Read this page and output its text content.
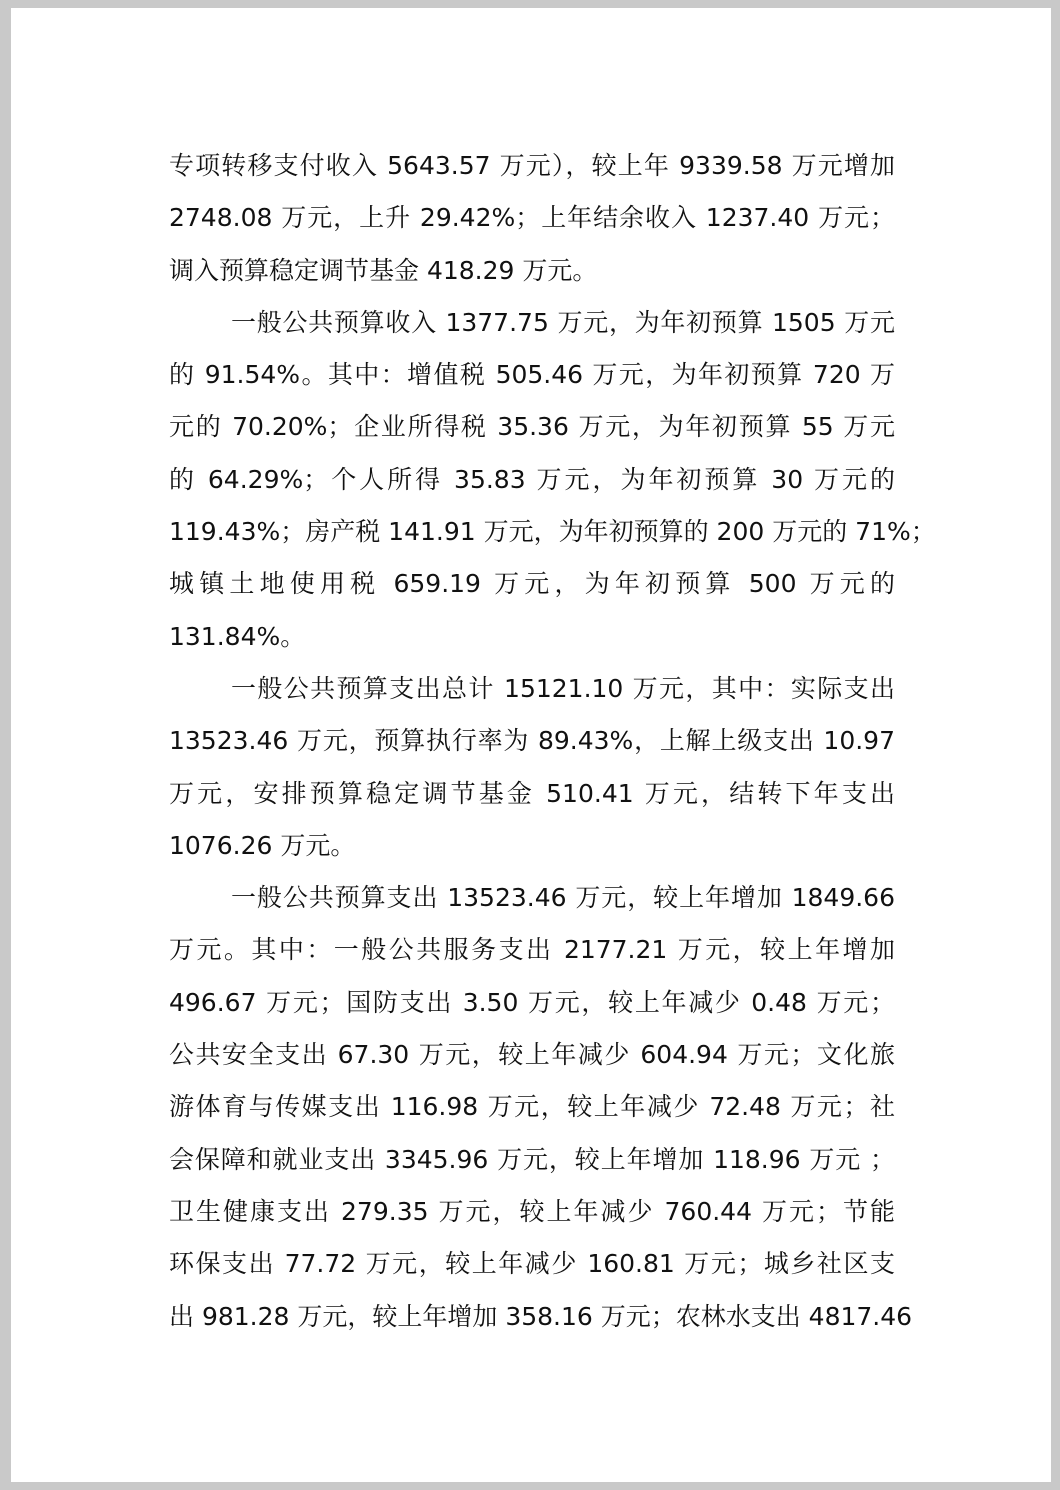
专项转移支付收入 5643.57 万元），较上年 9339.58 万元增加
2748.08 万元，上升 29.42%；上年结余收入 1237.40 万元；
调入预算稳定调节基金 418.29 万元。
一般公共预算收入 1377.75 万元，为年初预算 1505 万元
的 91.54%。其中：增值税 505.46 万元，为年初预算 720 万
元的 70.20%；企业所得税 35.36 万元，为年初预算 55 万元
的 64.29%；个人所得 35.83 万元，为年初预算 30 万元的
119.43%；房产税 141.91 万元，为年初预算的 200 万元的 71%；
城镇土地使用税 659.19 万元，为年初预算 500 万元的
131.84%。
一般公共预算支出总计 15121.10 万元，其中：实际支出
13523.46 万元，预算执行率为 89.43%，上解上级支出 10.97
万元，安排预算稳定调节基金 510.41 万元，结转下年支出
1076.26 万元。
一般公共预算支出 13523.46 万元，较上年增加 1849.66
万元。其中：一般公共服务支出 2177.21 万元，较上年增加
496.67 万元；国防支出 3.50 万元，较上年减少 0.48 万元；
公共安全支出 67.30 万元，较上年减少 604.94 万元；文化旅
游体育与传媒支出 116.98 万元，较上年减少 72.48 万元；社
会保障和就业支出 3345.96 万元，较上年增加 118.96 万元 ；
卫生健康支出 279.35 万元，较上年减少 760.44 万元；节能
环保支出 77.72 万元，较上年减少 160.81 万元；城乡社区支
出 981.28 万元，较上年增加 358.16 万元；农林水支出 4817.46
